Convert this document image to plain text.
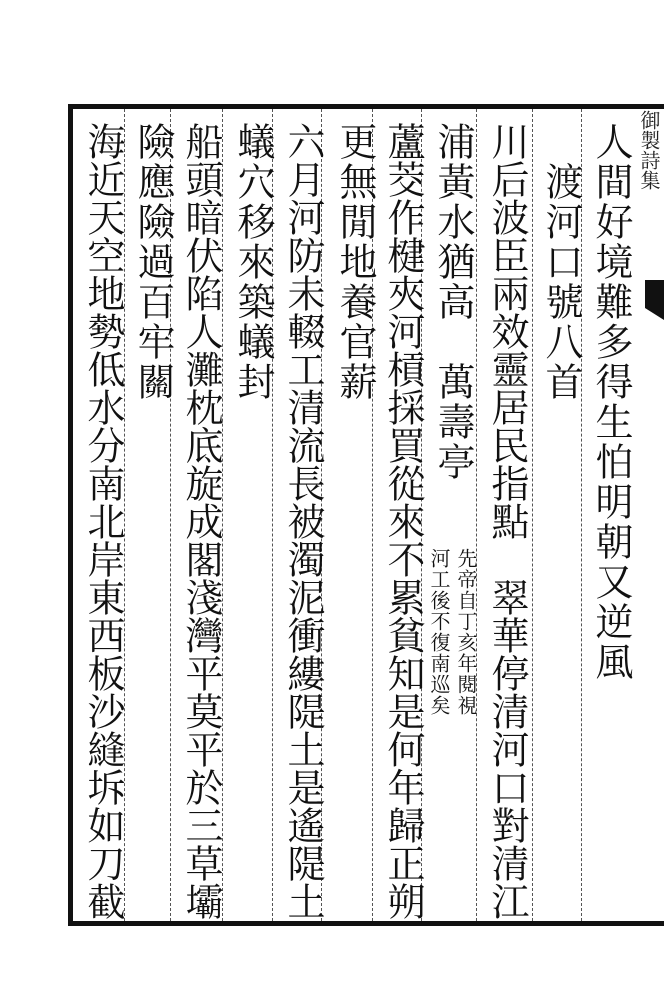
人間好境難多得生怕明朝又逆風
　渡河口號八首
川后波臣兩效靈居民指點　翠華停清河口對清江
浦黃水猶高　萬壽亭
先帝自丁亥年閱視
河工後不復南巡矣
蘆茭作楗夾河槓採買從來不累貧知是何年歸正朔
更無閒地養官薪
六月河防未輟工清流長被濁泥衝縷隄土是遙隄土
蟻穴移來築蟻封
船頭暗伏陷人灘枕底旋成閣淺灣平莫平於三草壩
險應險過百牢關
海近天空地勢低水分南北岸東西板沙縫坼如刀截	御製詩集
